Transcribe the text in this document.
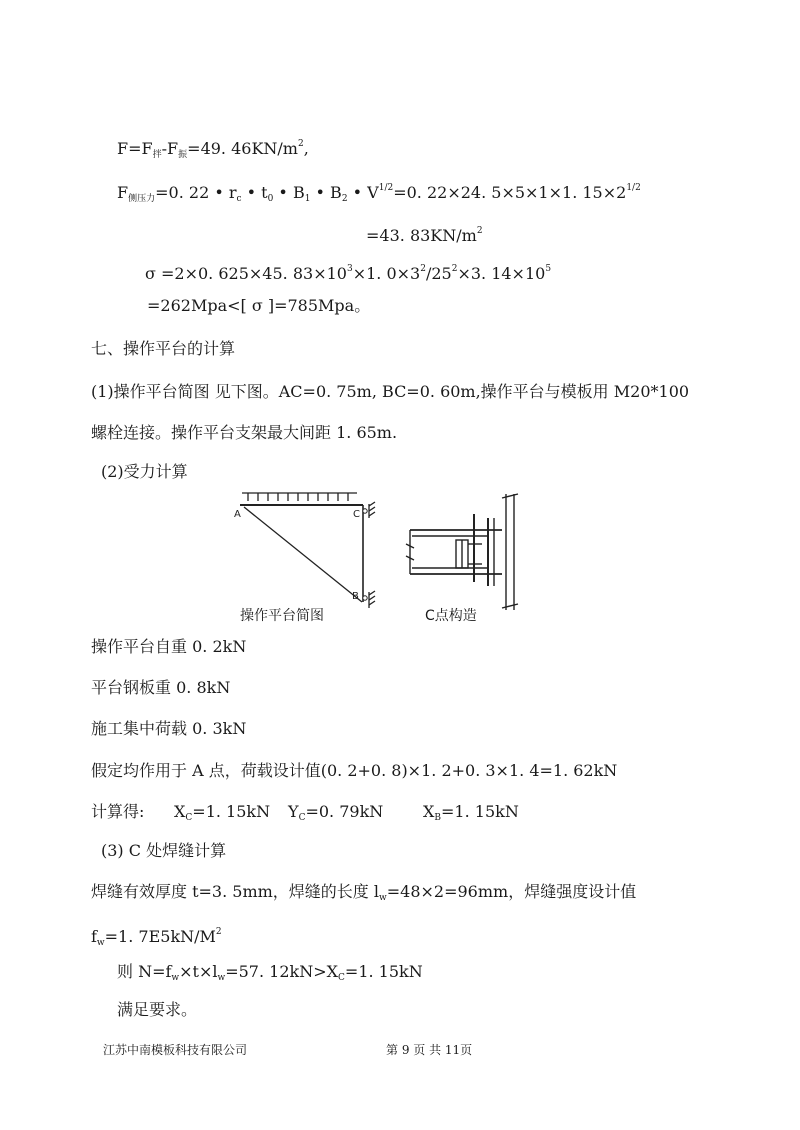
$F=F_拌-F_振=49$. $46KN/m^2$,
$F_{侧压力}=0$. 22 • $r_c$ • $t_0$ • $B_1$ • $B_2$ • $V^{1/2}=0$. 22×24. 5×5×1×1. $15\times 2^{1/2}$
=43. $83KN/m^2$
σ =2×0. 625×45. $83\times 10^3\times 1$. $0\times 3^2/25^2\times 3$. $14\times 10^5$
=262Mpa<[ σ ]=785Mpa。
七、操作平台的计算
(1)操作平台简图 见下图。AC=0. 75m, BC=0. 60m,操作平台与模板用 M20*100
螺栓连接。操作平台支架最大间距 1. 65m.
(2)受力计算
A	C
B
操作平台简图	C点构造
操作平台自重 0. 2kN
平台钢板重 0. 8kN
施工集中荷载 0. 3kN
假定均作用于 A 点，荷载设计值(0. 2+0. 8)×1. 2+0. 3×1. 4=1. 62kN
计算得: $X_C=1$. 15kN $Y_C=0$. 79kN $X_B=1$. 15kN
(3) C 处焊缝计算
焊缝有效厚度 t=3. 5mm，焊缝的长度 $l_w=48\times 2=96mm$，焊缝强度设计值
$f_w=1$. $7E5kN/M^2$
则 $N=f_w\times t\times l_w=57$. $12kN>X_C=1$. 15kN
满足要求。
江苏中南模板科技有限公司	第 9 页 共 11页
